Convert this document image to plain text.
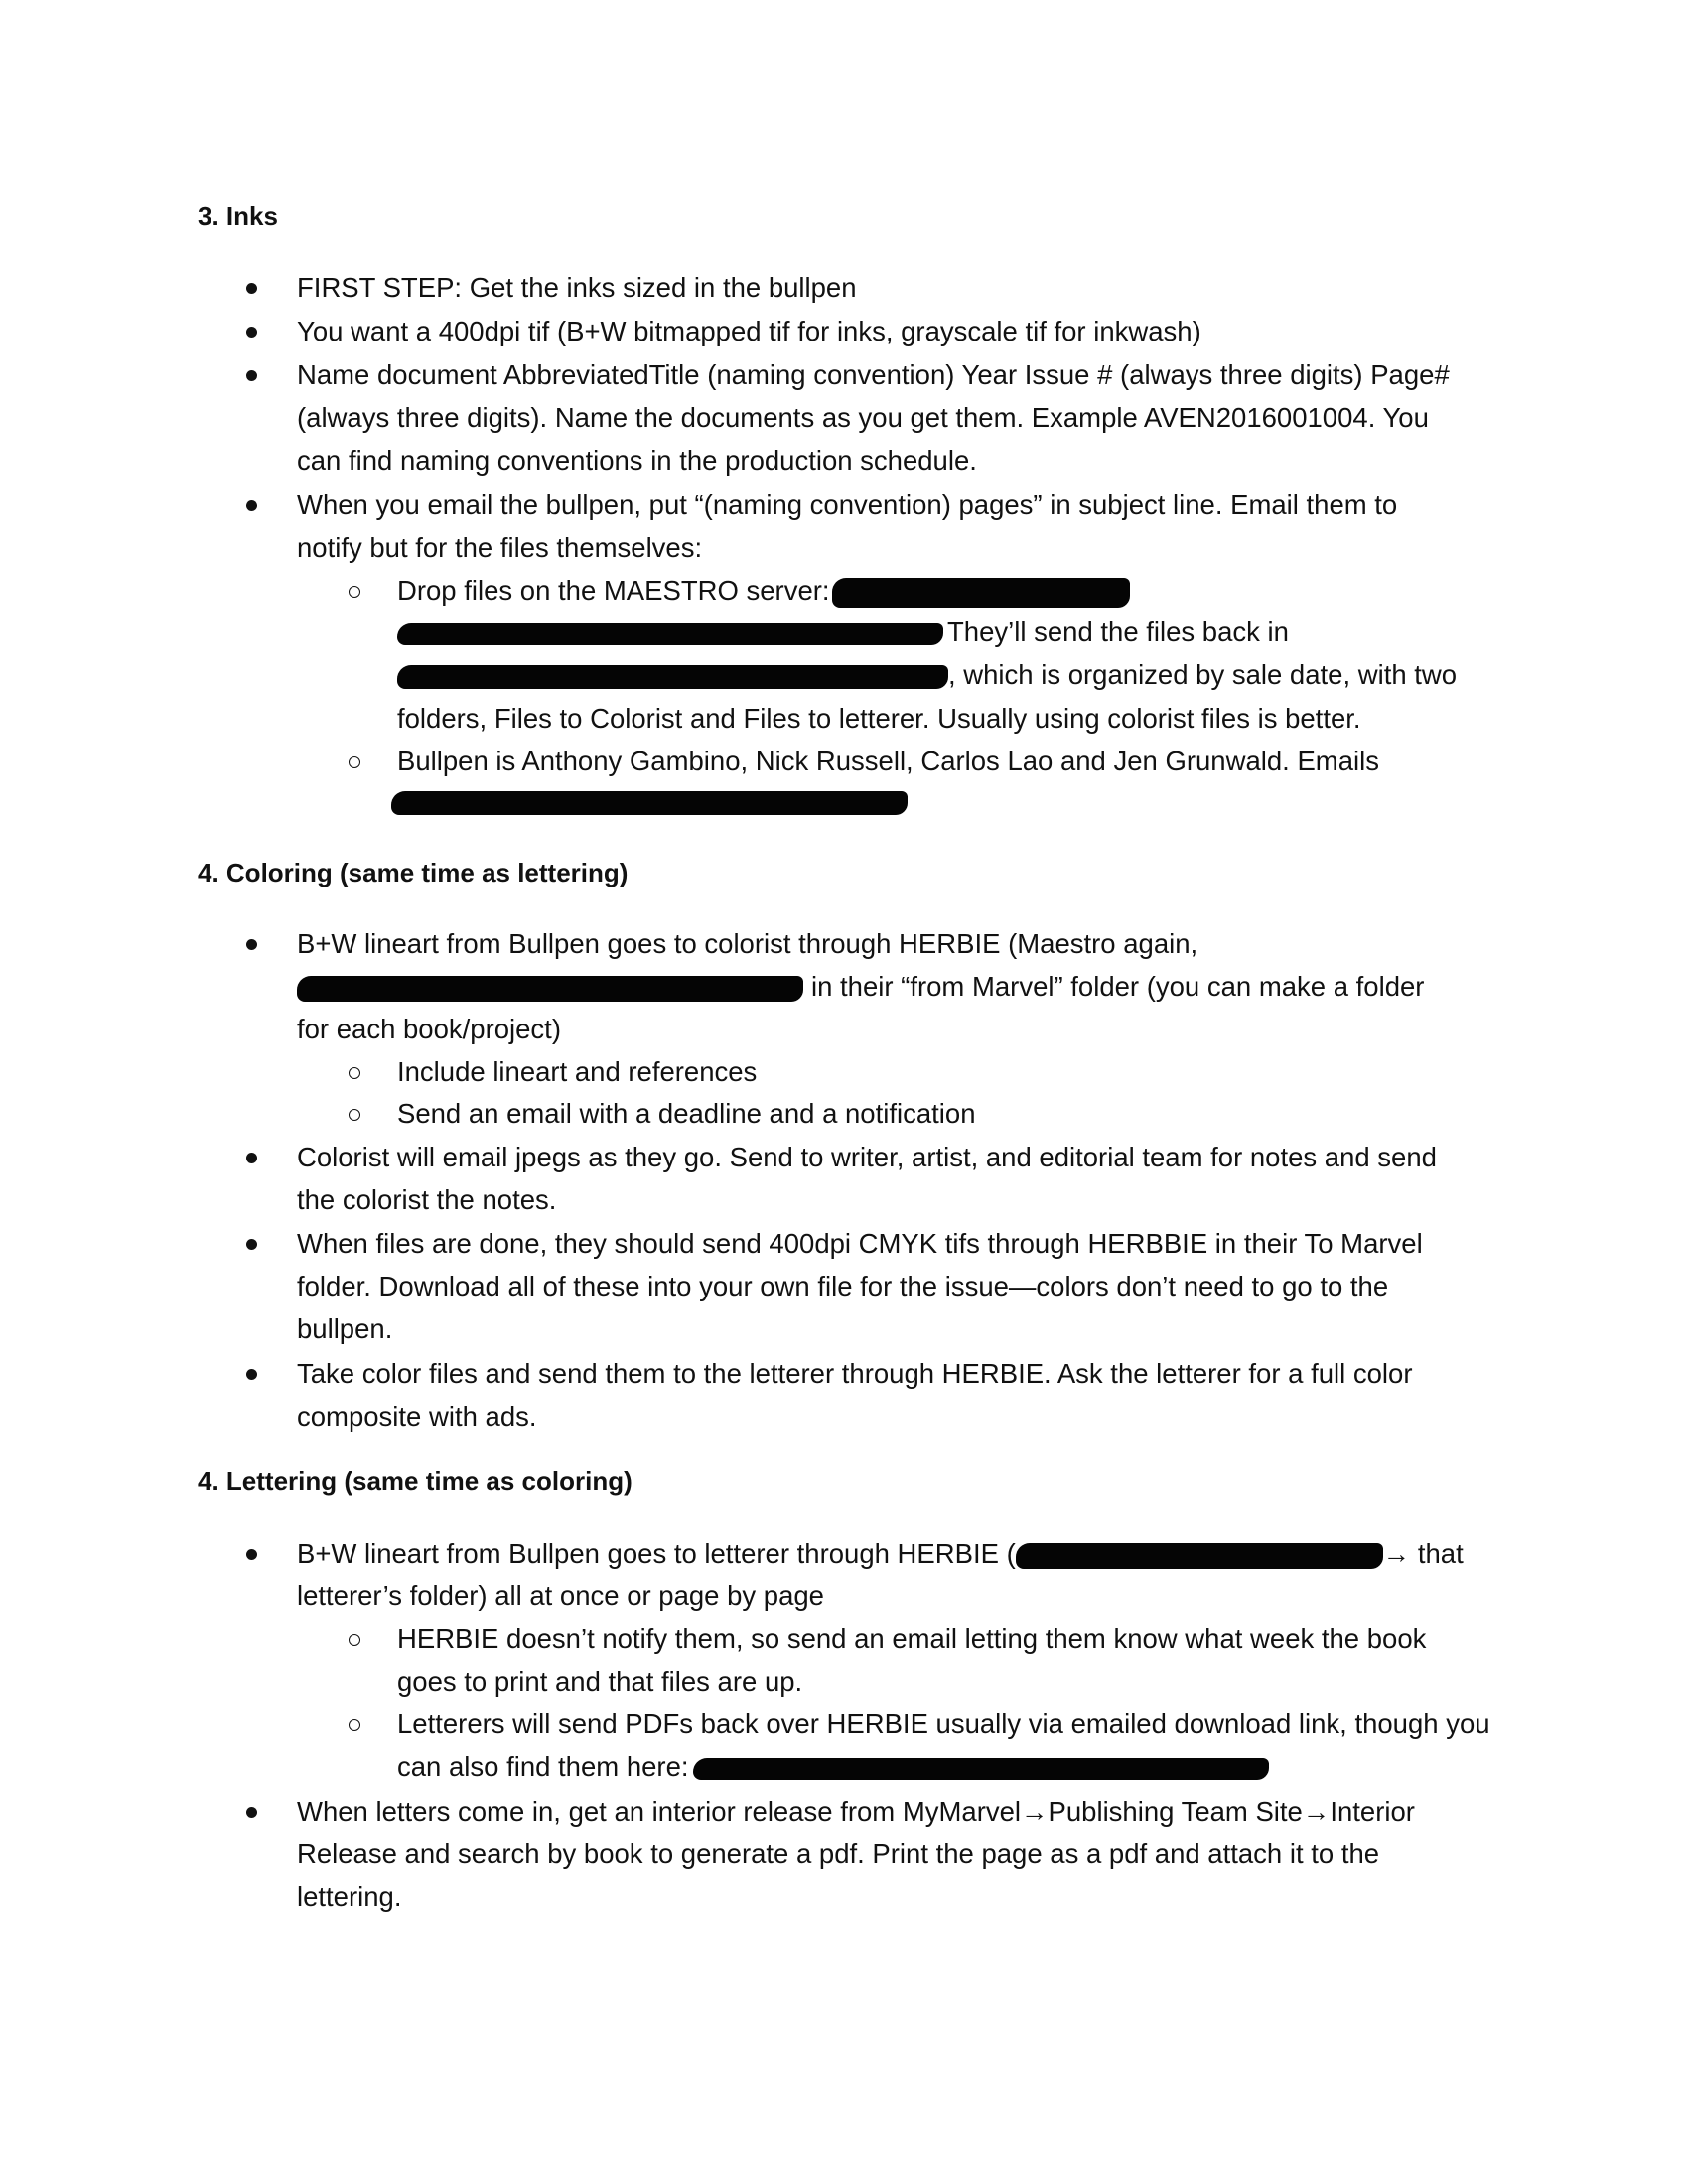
3. Inks
FIRST STEP: Get the inks sized in the bullpen
You want a 400dpi tif (B+W bitmapped tif for inks, grayscale tif for inkwash)
Name document AbbreviatedTitle (naming convention) Year Issue # (always three digits) Page#
(always three digits). Name the documents as you get them. Example AVEN2016001004. You
can find naming conventions in the production schedule.
When you email the bullpen, put “(naming convention) pages” in subject line. Email them to
notify but for the files themselves:
Drop files on the MAESTRO server:
They’ll send the files back in
, which is organized by sale date, with two
folders, Files to Colorist and Files to letterer. Usually using colorist files is better.
Bullpen is Anthony Gambino, Nick Russell, Carlos Lao and Jen Grunwald. Emails
4. Coloring (same time as lettering)
B+W lineart from Bullpen goes to colorist through HERBIE (Maestro again,
in their “from Marvel” folder (you can make a folder
for each book/project)
Include lineart and references
Send an email with a deadline and a notification
Colorist will email jpegs as they go. Send to writer, artist, and editorial team for notes and send
the colorist the notes.
When files are done, they should send 400dpi CMYK tifs through HERBBIE in their To Marvel
folder. Download all of these into your own file for the issue—colors don’t need to go to the
bullpen.
Take color files and send them to the letterer through HERBIE. Ask the letterer for a full color
composite with ads.
4. Lettering (same time as coloring)
B+W lineart from Bullpen goes to letterer through HERBIE (	→ that
letterer’s folder) all at once or page by page
HERBIE doesn’t notify them, so send an email letting them know what week the book
goes to print and that files are up.
Letterers will send PDFs back over HERBIE usually via emailed download link, though you
can also find them here:
When letters come in, get an interior release from MyMarvel→Publishing Team Site→Interior
Release and search by book to generate a pdf. Print the page as a pdf and attach it to the
lettering.
